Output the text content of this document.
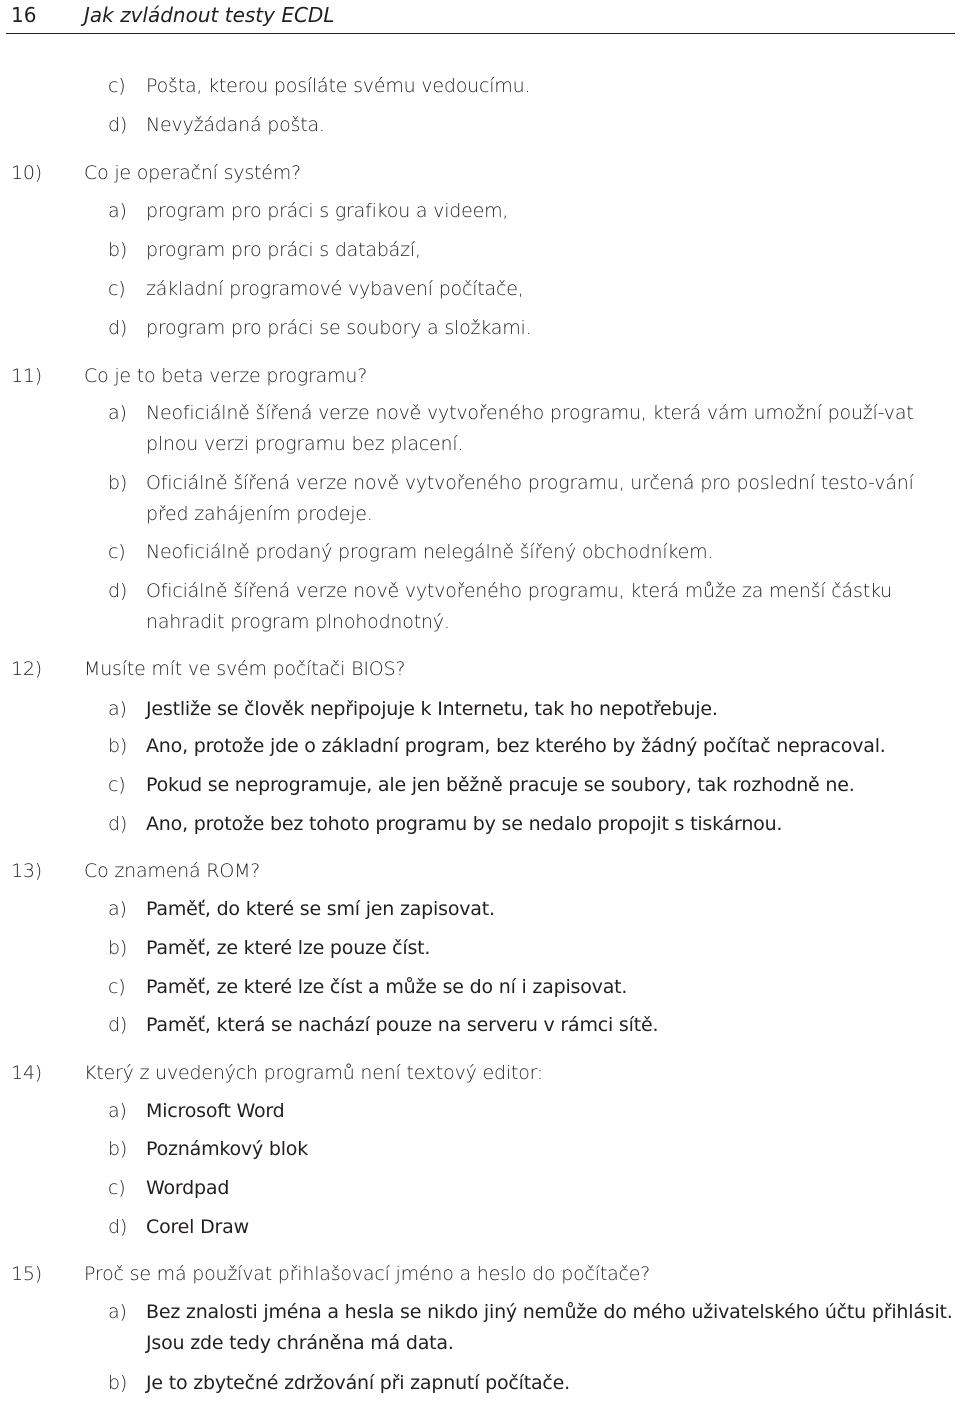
16 Jak zvládnout testy ECDL
c) Pošta, kterou posíláte svému vedoucímu.
d) Nevyžádaná pošta.
10) Co je operační systém?
a) program pro práci s grafikou a videem,
b) program pro práci s databází,
c) základní programové vybavení počítače,
d) program pro práci se soubory a složkami.
11) Co je to beta verze programu?
a) Neoficiálně šířená verze nově vytvořeného programu, která vám umožní použí-vat plnou verzi programu bez placení.
b) Oficiálně šířená verze nově vytvořeného programu, určená pro poslední testo-vání před zahájením prodeje.
c) Neoficiálně prodaný program nelegálně šířený obchodníkem.
d) Oficiálně šířená verze nově vytvořeného programu, která může za menší částku nahradit program plnohodnotný.
12) Musíte mít ve svém počítači BIOS?
a) Jestliže se člověk nepřipojuje k Internetu, tak ho nepotřebuje.
b) Ano, protože jde o základní program, bez kterého by žádný počítač nepracoval.
c) Pokud se neprogramuje, ale jen běžně pracuje se soubory, tak rozhodně ne.
d) Ano, protože bez tohoto programu by se nedalo propojit s tiskárnou.
13) Co znamená ROM?
a) Paměť, do které se smí jen zapisovat.
b) Paměť, ze které lze pouze číst.
c) Paměť, ze které lze číst a může se do ní i zapisovat.
d) Paměť, která se nachází pouze na serveru v rámci sítě.
14) Který z uvedených programů není textový editor:
a) Microsoft Word
b) Poznámkový blok
c) Wordpad
d) Corel Draw
15) Proč se má používat přihlašovací jméno a heslo do počítače?
a) Bez znalosti jména a hesla se nikdo jiný nemůže do mého uživatelského účtu přihlásit. Jsou zde tedy chráněna má data.
b) Je to zbytečné zdržování při zapnutí počítače.
